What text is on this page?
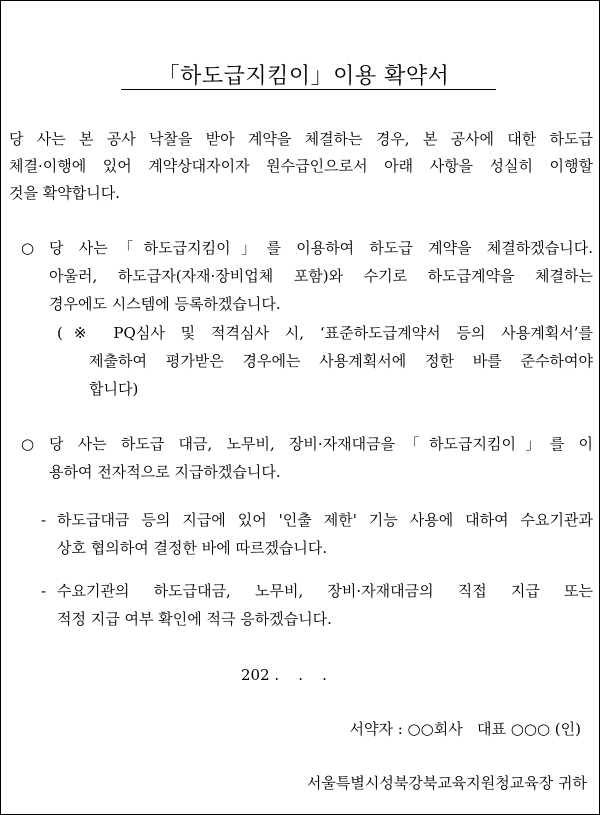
「하도급지킴이」이용 확약서
당 사는 본 공사 낙찰을 받아 계약을 체결하는 경우, 본 공사에 대한 하도급
체결·이행에 있어 계약상대자이자 원수급인으로서 아래 사항을 성실히 이행할
것을 확약합니다.
○ 당 사는「하도급지킴이」를 이용하여 하도급 계약을 체결하겠습니다.
아울러, 하도급자(자재·장비업체 포함)와 수기로 하도급계약을 체결하는
경우에도 시스템에 등록하겠습니다.
(※ PQ심사 및 적격심사 시, ‘표준하도급계약서 등의 사용계획서’를
제출하여 평가받은 경우에는 사용계획서에 정한 바를 준수하여야
합니다)
○ 당 사는 하도급 대금, 노무비, 장비·자재대금을「하도급지킴이」를 이
용하여 전자적으로 지급하겠습니다.
- 하도급대금 등의 지급에 있어 '인출 제한' 기능 사용에 대하여 수요기관과
상호 협의하여 결정한 바에 따르겠습니다.
- 수요기관의 하도급대금, 노무비, 장비·자재대금의 직접 지급 또는
적정 지급 여부 확인에 적극 응하겠습니다.
202 .    .    .
서약자 : ○○회사   대표 ○○○ (인)
서울특별시성북강북교육지원청교육장 귀하
